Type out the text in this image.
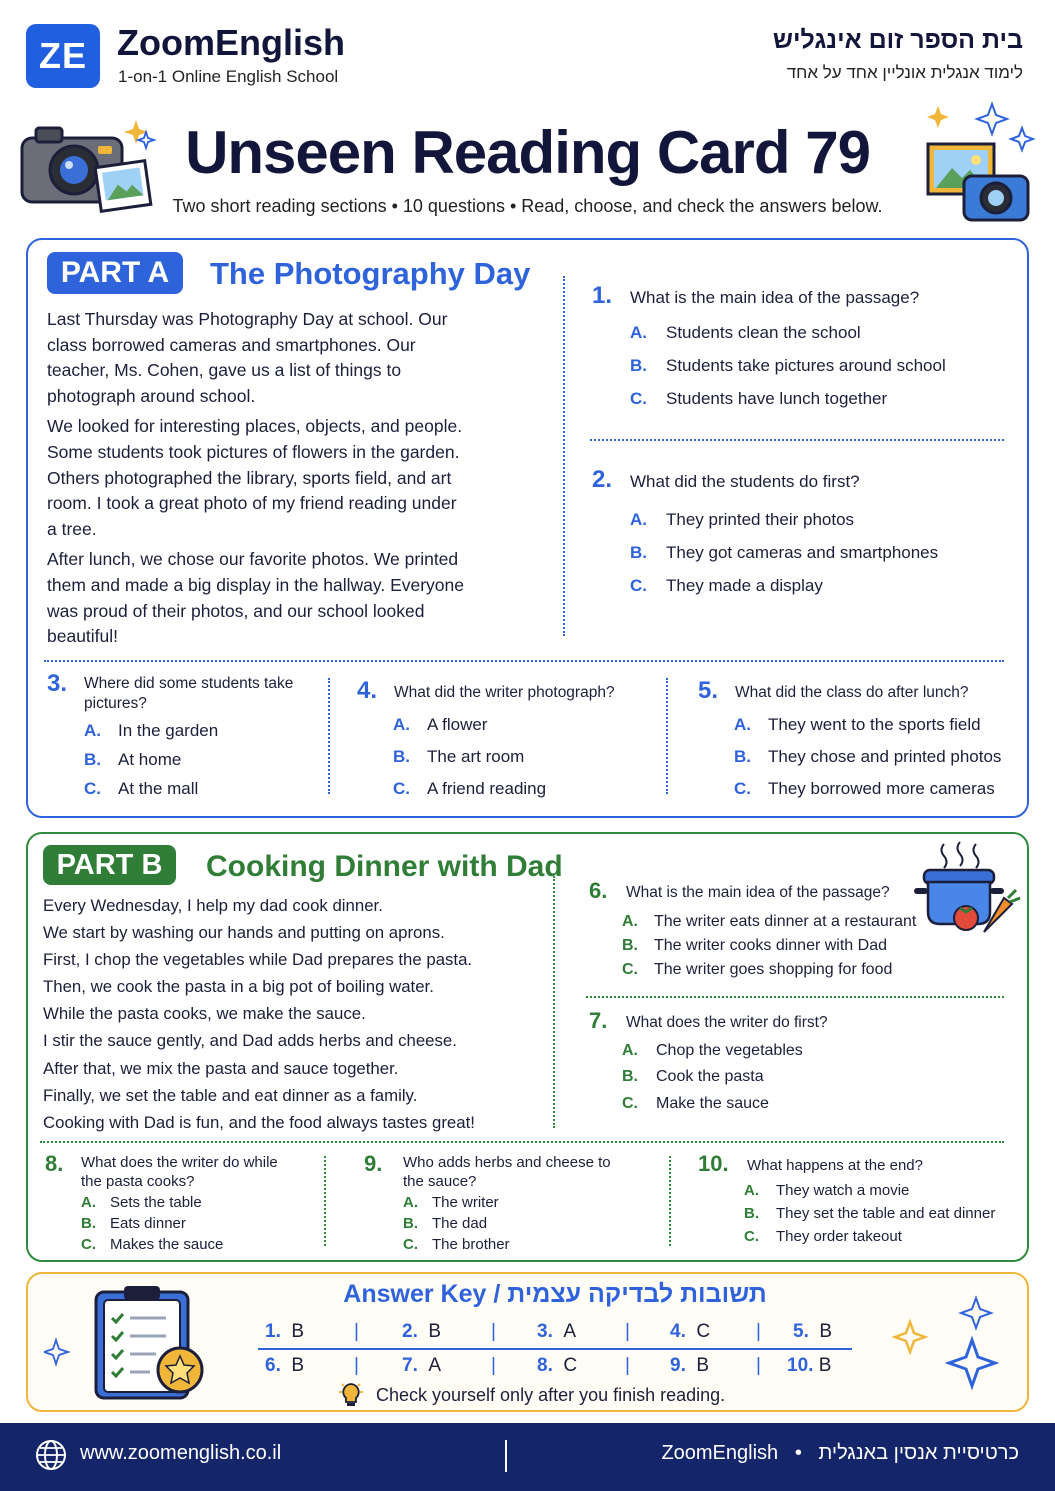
ZE ZoomEnglish
1-on-1 Online English School
בית הספר זום אינגליש
לימוד אנגלית אונליין אחד על אחד
Unseen Reading Card 79
Two short reading sections • 10 questions • Read, choose, and check the answers below.
PART A	The Photography Day

Last Thursday was Photography Day at school. Our class borrowed cameras and smartphones. Our teacher, Ms. Cohen, gave us a list of things to photograph around school.

We looked for interesting places, objects, and people. Some students took pictures of flowers in the garden. Others photographed the library, sports field, and art room. I took a great photo of my friend reading under a tree.

After lunch, we chose our favorite photos. We printed them and made a big display in the hallway. Everyone was proud of their photos, and our school looked beautiful!

1. What is the main idea of the passage?
A. Students clean the school
B. Students take pictures around school
C. Students have lunch together
2. What did the students do first?
A. They printed their photos
B. They got cameras and smartphones
C. They made a display
3. Where did some students take pictures?
A. In the garden
B. At home
C. At the mall
4. What did the writer photograph?
A. A flower
B. The art room
C. A friend reading
5. What did the class do after lunch?
A. They went to the sports field
B. They chose and printed photos
C. They borrowed more cameras
PART B	Cooking Dinner with Dad
Every Wednesday, I help my dad cook dinner.
We start by washing our hands and putting on aprons.
First, I chop the vegetables while Dad prepares the pasta.
Then, we cook the pasta in a big pot of boiling water.
While the pasta cooks, we make the sauce.
I stir the sauce gently, and Dad adds herbs and cheese.
After that, we mix the pasta and sauce together.
Finally, we set the table and eat dinner as a family.
Cooking with Dad is fun, and the food always tastes great!
6. What is the main idea of the passage?
A. The writer eats dinner at a restaurant
B. The writer cooks dinner with Dad
C. The writer goes shopping for food
7. What does the writer do first?
A. Chop the vegetables
B. Cook the pasta
C. Make the sauce
8. What does the writer do while the pasta cooks?
A. Sets the table
B. Eats dinner
C. Makes the sauce
9. Who adds herbs and cheese to the sauce?
A. The writer
B. The dad
C. The brother
10. What happens at the end?
A. They watch a movie
B. They set the table and eat dinner
C. They order takeout
Answer Key / תשובות לבדיקה עצמית
1. B	| 2. B	| 3. A	| 4. C | 5. B
6. B	| 7. A	| 8. C	| 9. B | 10. B
Check yourself only after you finish reading.
www.zoomenglish.co.il	ZoomEnglish   •   כרטיסיית אנסין באנגלית
